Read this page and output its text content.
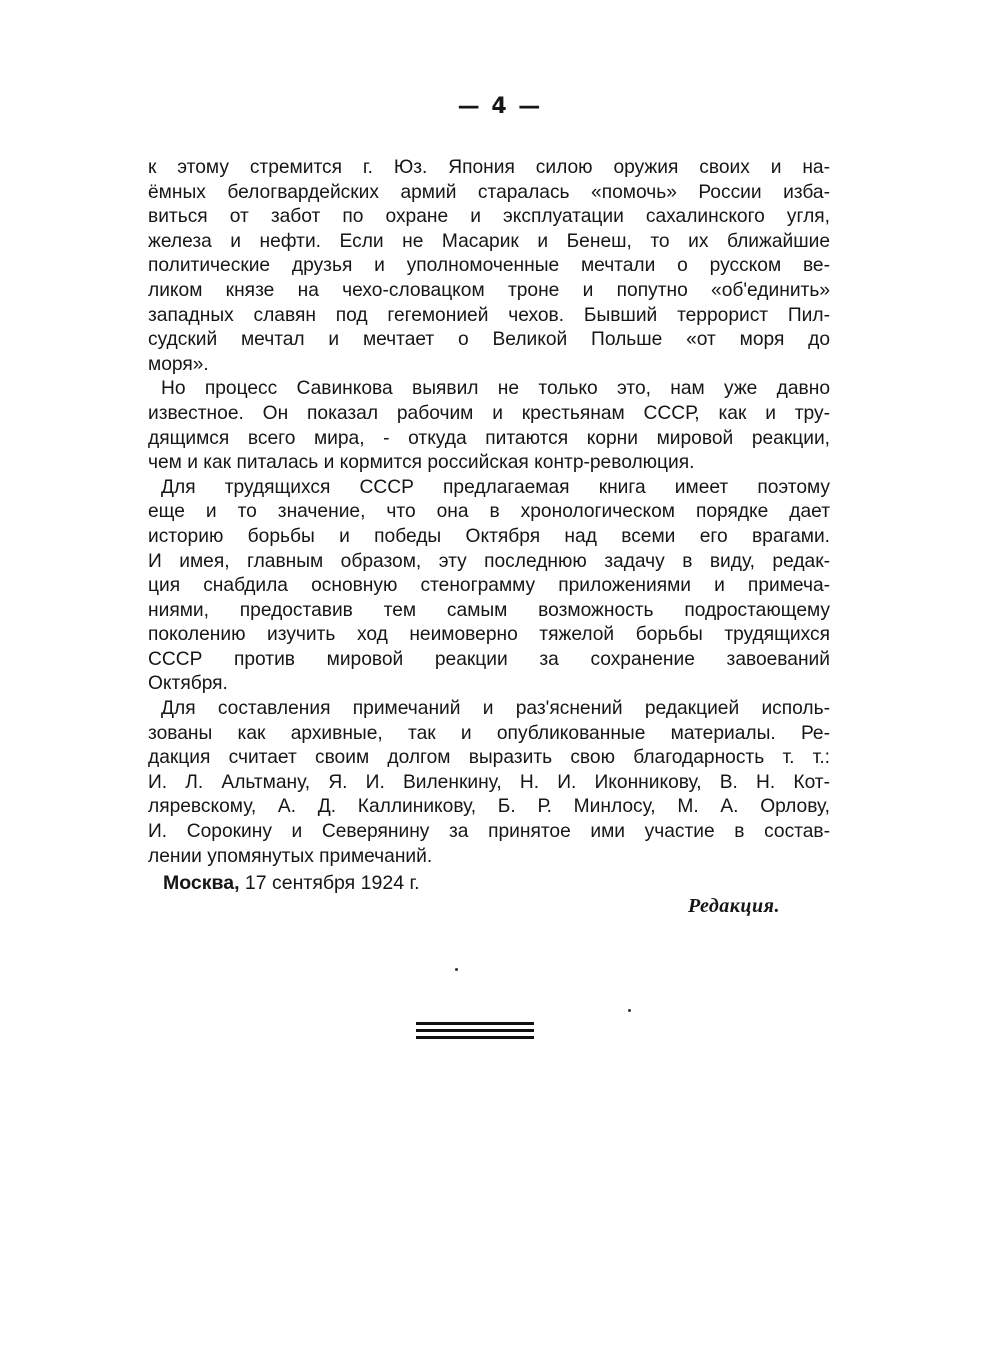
— 4 —
к этому стремится г. Юз. Япония силою оружия своих и на-
ёмных белогвардейских армий старалась «помочь» России изба-
виться от забот по охране и эксплуатации сахалинского угля,
железа и нефти. Если не Масарик и Бенеш, то их ближайшие
политические друзья и уполномоченные мечтали о русском ве-
ликом князе на чехо-словацком троне и попутно «об'единить»
западных славян под гегемонией чехов. Бывший террорист Пил-
судский мечтал и мечтает о Великой Польше «от моря до
моря».
Но процесс Савинкова выявил не только это, нам уже давно
известное. Он показал рабочим и крестьянам СССР, как и тру-
дящимся всего мира, - откуда питаются корни мировой реакции,
чем и как питалась и кормится российская контр-революция.
Для трудящихся СССР предлагаемая книга имеет поэтому
еще и то значение, что она в хронологическом порядке дает
историю борьбы и победы Октября над всеми его врагами.
И имея, главным образом, эту последнюю задачу в виду, редак-
ция снабдила основную стенограмму приложениями и примеча-
ниями, предоставив тем самым возможность подростающему
поколению изучить ход неимоверно тяжелой борьбы трудящихся
СССР против мировой реакции за сохранение завоеваний
Октября.
Для составления примечаний и раз'яснений редакцией исполь-
зованы как архивные, так и опубликованные материалы. Ре-
дакция считает своим долгом выразить свою благодарность т. т.:
И. Л. Альтману, Я. И. Виленкину, Н. И. Иконникову, В. Н. Кот-
ляревскому, А. Д. Каллиникову, Б. Р. Минлосу, М. А. Орлову,
И. Сорокину и Северянину за принятое ими участие в состав-
лении упомянутых примечаний.
Москва, 17 сентября 1924 г.
Редакция.
